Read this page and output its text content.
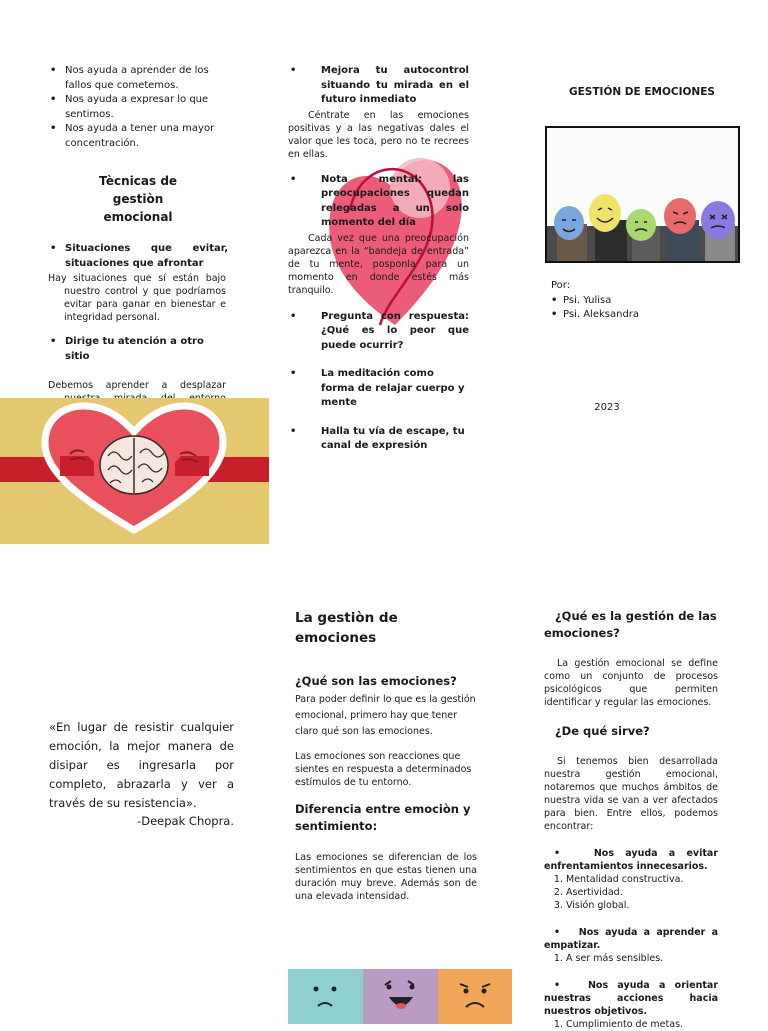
• Nos ayuda a aprender de los fallos que cometemos.
• Nos ayuda a expresar lo que sentimos.
• Nos ayuda a tener una mayor concentración.
Tècnicas de gestiòn emocional
• Situaciones que evitar, situaciones que afrontar
Hay situaciones que sí están bajo nuestro control y que podríamos evitar para ganar en bienestar e integridad personal.
• Dirige tu atención a otro sitio
Debemos aprender a desplazar
• Mejora tu autocontrol situando tu mirada en el futuro inmediato
Céntrate en las emociones positivas y a las negativas dales el valor que les toca, pero no te recrees en ellas.
• Nota mental: las preocupaciones quedan relegadas a un solo momento del día
Cada vez que una preocupación aparezca en la “bandeja de entrada” de tu mente, posponla para un momento en donde estés más tranquilo.
• Pregunta con respuesta: ¿Qué es lo peor que puede ocurrir?
• La meditación como forma de relajar cuerpo y mente
• Halla tu vía de escape, tu canal de expresión
GESTIÓN DE EMOCIONES
Por:
• Psi. Yulisa
• Psi. Aleksandra
2023
«En lugar de resistir cualquier emoción, la mejor manera de disipar es ingresarla por completo, abrazarla y ver a través de su resistencia».
-Deepak Chopra.
La gestiòn de emociones
¿Qué son las emociones?
Para poder definir lo que es la gestión emocional, primero hay que tener claro qué son las emociones.
Las emociones son reacciones que sientes en respuesta a determinados estímulos de tu entorno.
Diferencia entre emociòn y sentimiento:
Las emociones se diferencian de los sentimientos en que estas tienen una duración muy breve. Además son de una elevada intensidad.
¿Qué es la gestión de las emociones?
La gestión emocional se define como un conjunto de procesos psicológicos que permiten identificar y regular las emociones.
¿De qué sirve?
Si tenemos bien desarrollada nuestra gestión emocional, notaremos que muchos ámbitos de nuestra vida se van a ver afectados para bien. Entre ellos, podemos encontrar:
•   Nos ayuda a evitar enfrentamientos innecesarios.
1. Mentalidad constructiva.
2. Asertividad.
3. Visión global.
•   Nos ayuda a aprender a empatizar.
1. A ser más sensibles.
•   Nos ayuda a orientar nuestras acciones hacia nuestros objetivos.
1. Cumplimiento de metas.
